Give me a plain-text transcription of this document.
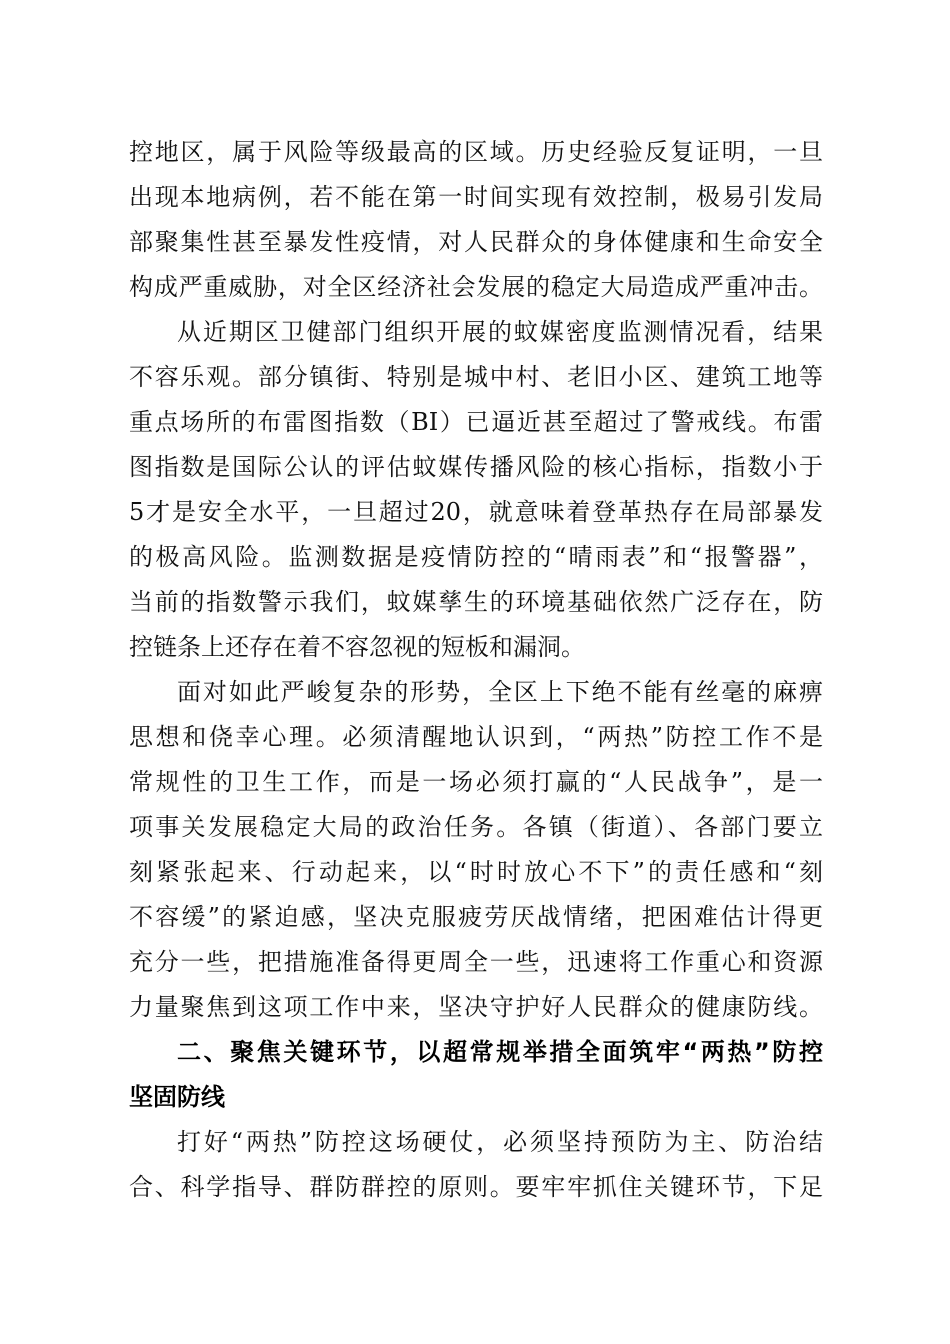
控地区，属于风险等级最高的区域。历史经验反复证明，一旦
出现本地病例，若不能在第一时间实现有效控制，极易引发局
部聚集性甚至暴发性疫情，对人民群众的身体健康和生命安全
构成严重威胁，对全区经济社会发展的稳定大局造成严重冲击。
从近期区卫健部门组织开展的蚊媒密度监测情况看，结果
不容乐观。部分镇街、特别是城中村、老旧小区、建筑工地等
重点场所的布雷图指数（BI）已逼近甚至超过了警戒线。布雷
图指数是国际公认的评估蚊媒传播风险的核心指标，指数小于
5才是安全水平，一旦超过20，就意味着登革热存在局部暴发
的极高风险。监测数据是疫情防控的“晴雨表”和“报警器”，
当前的指数警示我们，蚊媒孳生的环境基础依然广泛存在，防
控链条上还存在着不容忽视的短板和漏洞。
面对如此严峻复杂的形势，全区上下绝不能有丝毫的麻痹
思想和侥幸心理。必须清醒地认识到，“两热”防控工作不是
常规性的卫生工作，而是一场必须打赢的“人民战争”，是一
项事关发展稳定大局的政治任务。各镇（街道）、各部门要立
刻紧张起来、行动起来，以“时时放心不下”的责任感和“刻
不容缓”的紧迫感，坚决克服疲劳厌战情绪，把困难估计得更
充分一些，把措施准备得更周全一些，迅速将工作重心和资源
力量聚焦到这项工作中来，坚决守护好人民群众的健康防线。
二、聚焦关键环节，以超常规举措全面筑牢“两热”防控
坚固防线
打好“两热”防控这场硬仗，必须坚持预防为主、防治结
合、科学指导、群防群控的原则。要牢牢抓住关键环节，下足
